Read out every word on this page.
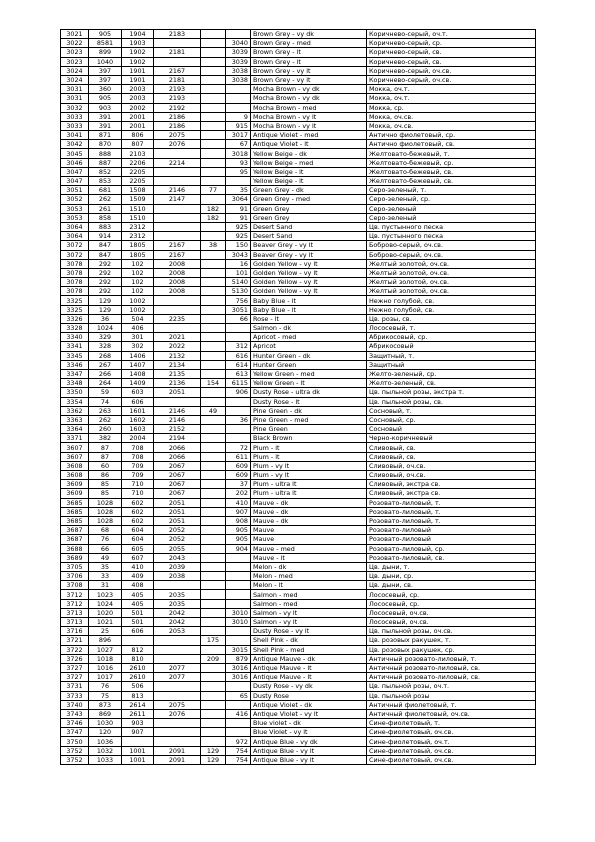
3021	905	1904	2183			Brown Grey - vy dk	Коричнево-серый, оч.т.
3022	8581	1903			3040	Brown Grey - med	Коричнево-серый, ср.
3023	899	1902	2181		3039	Brown Grey - lt	Коричнево-серый, св.
3023	1040	1902			3039	Brown Grey - lt	Коричнево-серый, св.
3024	397	1901	2167		3038	Brown Grey - vy lt	Коричнево-серый, оч.св.
3024	397	1901	2181		3038	Brown Grey - vy lt	Коричнево-серый, оч.св.
3031	360	2003	2193			Mocha Brown - vy dk	Мокка, оч.т.
3031	905	2003	2193			Mocha Brown - vy dk	Мокка, оч.т.
3032	903	2002	2192			Mocha Brown - med	Мокка, ср.
3033	391	2001	2186		9	Mocha Brown - vy lt	Мокка, оч.св.
3033	391	2001	2186		915	Mocha Brown - vy lt	Мокка, оч.св.
3041	871	806	2075		3017	Antique Violet - med	Антично фиолетовый, ср.
3042	870	807	2076		67	Antique Violet - lt	Антично фиолетовый, св.
3045	888	2103			3018	Yellow Beige - dk	Желтовато-бежевый, т.
3046	887	2206	2214		93	Yellow Beige - med	Желтовато-бежевый, ср.
3047	852	2205			95	Yellow Beige - lt	Желтовато-бежевый, св.
3047	853	2205				Yellow Beige - lt	Желтовато-бежевый, св.
3051	681	1508	2146	77	35	Green Grey - dk	Серо-зеленый, т.
3052	262	1509	2147		3064	Green Grey - med	Серо-зеленый, ср.
3053	261	1510		182	91	Green Grey	Серо-зеленый
3053	858	1510		182	91	Green Grey	Серо-зеленый
3064	883	2312			925	Desert Sand	Цв. пустынного песка
3064	914	2312			925	Desert Sand	Цв. пустынного песка
3072	847	1805	2167	38	150	Beaver Grey - vy lt	Боброво-серый, оч.св.
3072	847	1805	2167		3043	Beaver Grey - vy lt	Боброво-серый, оч.св.
3078	292	102	2008		16	Golden Yellow - vy lt	Желтый золотой, оч.св.
3078	292	102	2008		101	Golden Yellow - vy lt	Желтый золотой, оч.св.
3078	292	102	2008		5140	Golden Yellow - vy lt	Желтый золотой, оч.св.
3078	292	102	2008		5130	Golden Yellow - vy lt	Желтый золотой, оч.св.
3325	129	1002			756	Baby Blue - lt	Нежно голубой, св.
3325	129	1002			3051	Baby Blue - lt	Нежно голубой, св.
3326	36	504	2235		66	Rose - lt	Цв. розы, св.
3328	1024	406				Salmon - dk	Лососевый, т.
3340	329	301	2021			Apricot - med	Абрикосовый, ср.
3341	328	302	2022		312	Apricot	Абрикосовый
3345	268	1406	2132		616	Hunter Green - dk	Защитный, т.
3346	267	1407	2134		614	Hunter Green	Защитный
3347	266	1408	2135		613	Yellow Green - med	Желто-зеленый, ср.
3348	264	1409	2136	154	6115	Yellow Green - lt	Желто-зеленый, св.
3350	59	603	2051		906	Dusty Rose - ultra dk	Цв. пыльной розы, экстра т.
3354	74	606				Dusty Rose - lt	Цв. пыльной розы, св.
3362	263	1601	2146	49		Pine Green - dk	Сосновый, т.
3363	262	1602	2146		36	Pine Green - med	Сосновый, ср.
3364	260	1603	2152			Pine Green	Сосновый
3371	382	2004	2194			Black Brown	Черно-коричневый
3607	87	708	2066		72	Plum - lt	Сливовый, св.
3607	87	708	2066		611	Plum - lt	Сливовый, св.
3608	60	709	2067		609	Plum - vy lt	Сливовый, оч.св.
3608	86	709	2067		609	Plum - vy lt	Сливовый, оч.св.
3609	85	710	2067		37	Plum - ultra lt	Сливовый, экстра св.
3609	85	710	2067		202	Plum - ultra lt	Сливовый, экстра св.
3685	1028	602	2051		410	Mauve - dk	Розовато-лиловый, т.
3685	1028	602	2051		907	Mauve - dk	Розовато-лиловый, т.
3685	1028	602	2051		908	Mauve - dk	Розовато-лиловый, т.
3687	68	604	2052		905	Mauve	Розовато-лиловый
3687	76	604	2052		905	Mauve	Розовато-лиловый
3688	66	605	2055		904	Mauve - med	Розовато-лиловый, ср.
3689	49	607	2043			Mauve - lt	Розовато-лиловый, св.
3705	35	410	2039			Melon - dk	Цв. дыни, т.
3706	33	409	2038			Melon - med	Цв. дыни, ср.
3708	31	408				Melon - lt	Цв. дыни, св.
3712	1023	405	2035			Salmon - med	Лососевый, ср.
3712	1024	405	2035			Salmon - med	Лососевый, ср.
3713	1020	501	2042		3010	Salmon - vy lt	Лососевый, оч.св.
3713	1021	501	2042		3010	Salmon - vy lt	Лососевый, оч.св.
3716	25	606	2053			Dusty Rose - vy lt	Цв. пыльной розы, оч.св.
3721	896			175		Shell Pink - dk	Цв. розовых ракушек, т.
3722	1027	812			3015	Shell Pink - med	Цв. розовых ракушек, ср.
3726	1018	810		209	879	Antique Mauve - dk	Античный розовато-лиловый, т.
3727	1016	2610	2077		3016	Antique Mauve - lt	Античный розовато-лиловый, св.
3727	1017	2610	2077		3016	Antique Mauve - lt	Античный розовато-лиловый, св.
3731	76	506				Dusty Rose - vy dk	Цв. пыльной розы, оч.т.
3733	75	813			65	Dusty Rose	Цв. пыльной розы
3740	873	2614	2075			Antique Violet - dk	Античный фиолетовый, т.
3743	869	2611	2076		416	Antique Violet - vy lt	Античный фиолетовый, оч.св.
3746	1030	903				Blue violet - dk	Сине-фиолетовый, т.
3747	120	907				Blue Violet - vy lt	Сине-фиолетовый, оч.св.
3750	1036				972	Antique Blue - vy dk	Сине-фиолетовый, оч.т.
3752	1032	1001	2091	129	754	Antique Blue - vy lt	Сине-фиолетовый, оч.св.
3752	1033	1001	2091	129	754	Antique Blue - vy lt	Сине-фиолетовый, оч.св.
